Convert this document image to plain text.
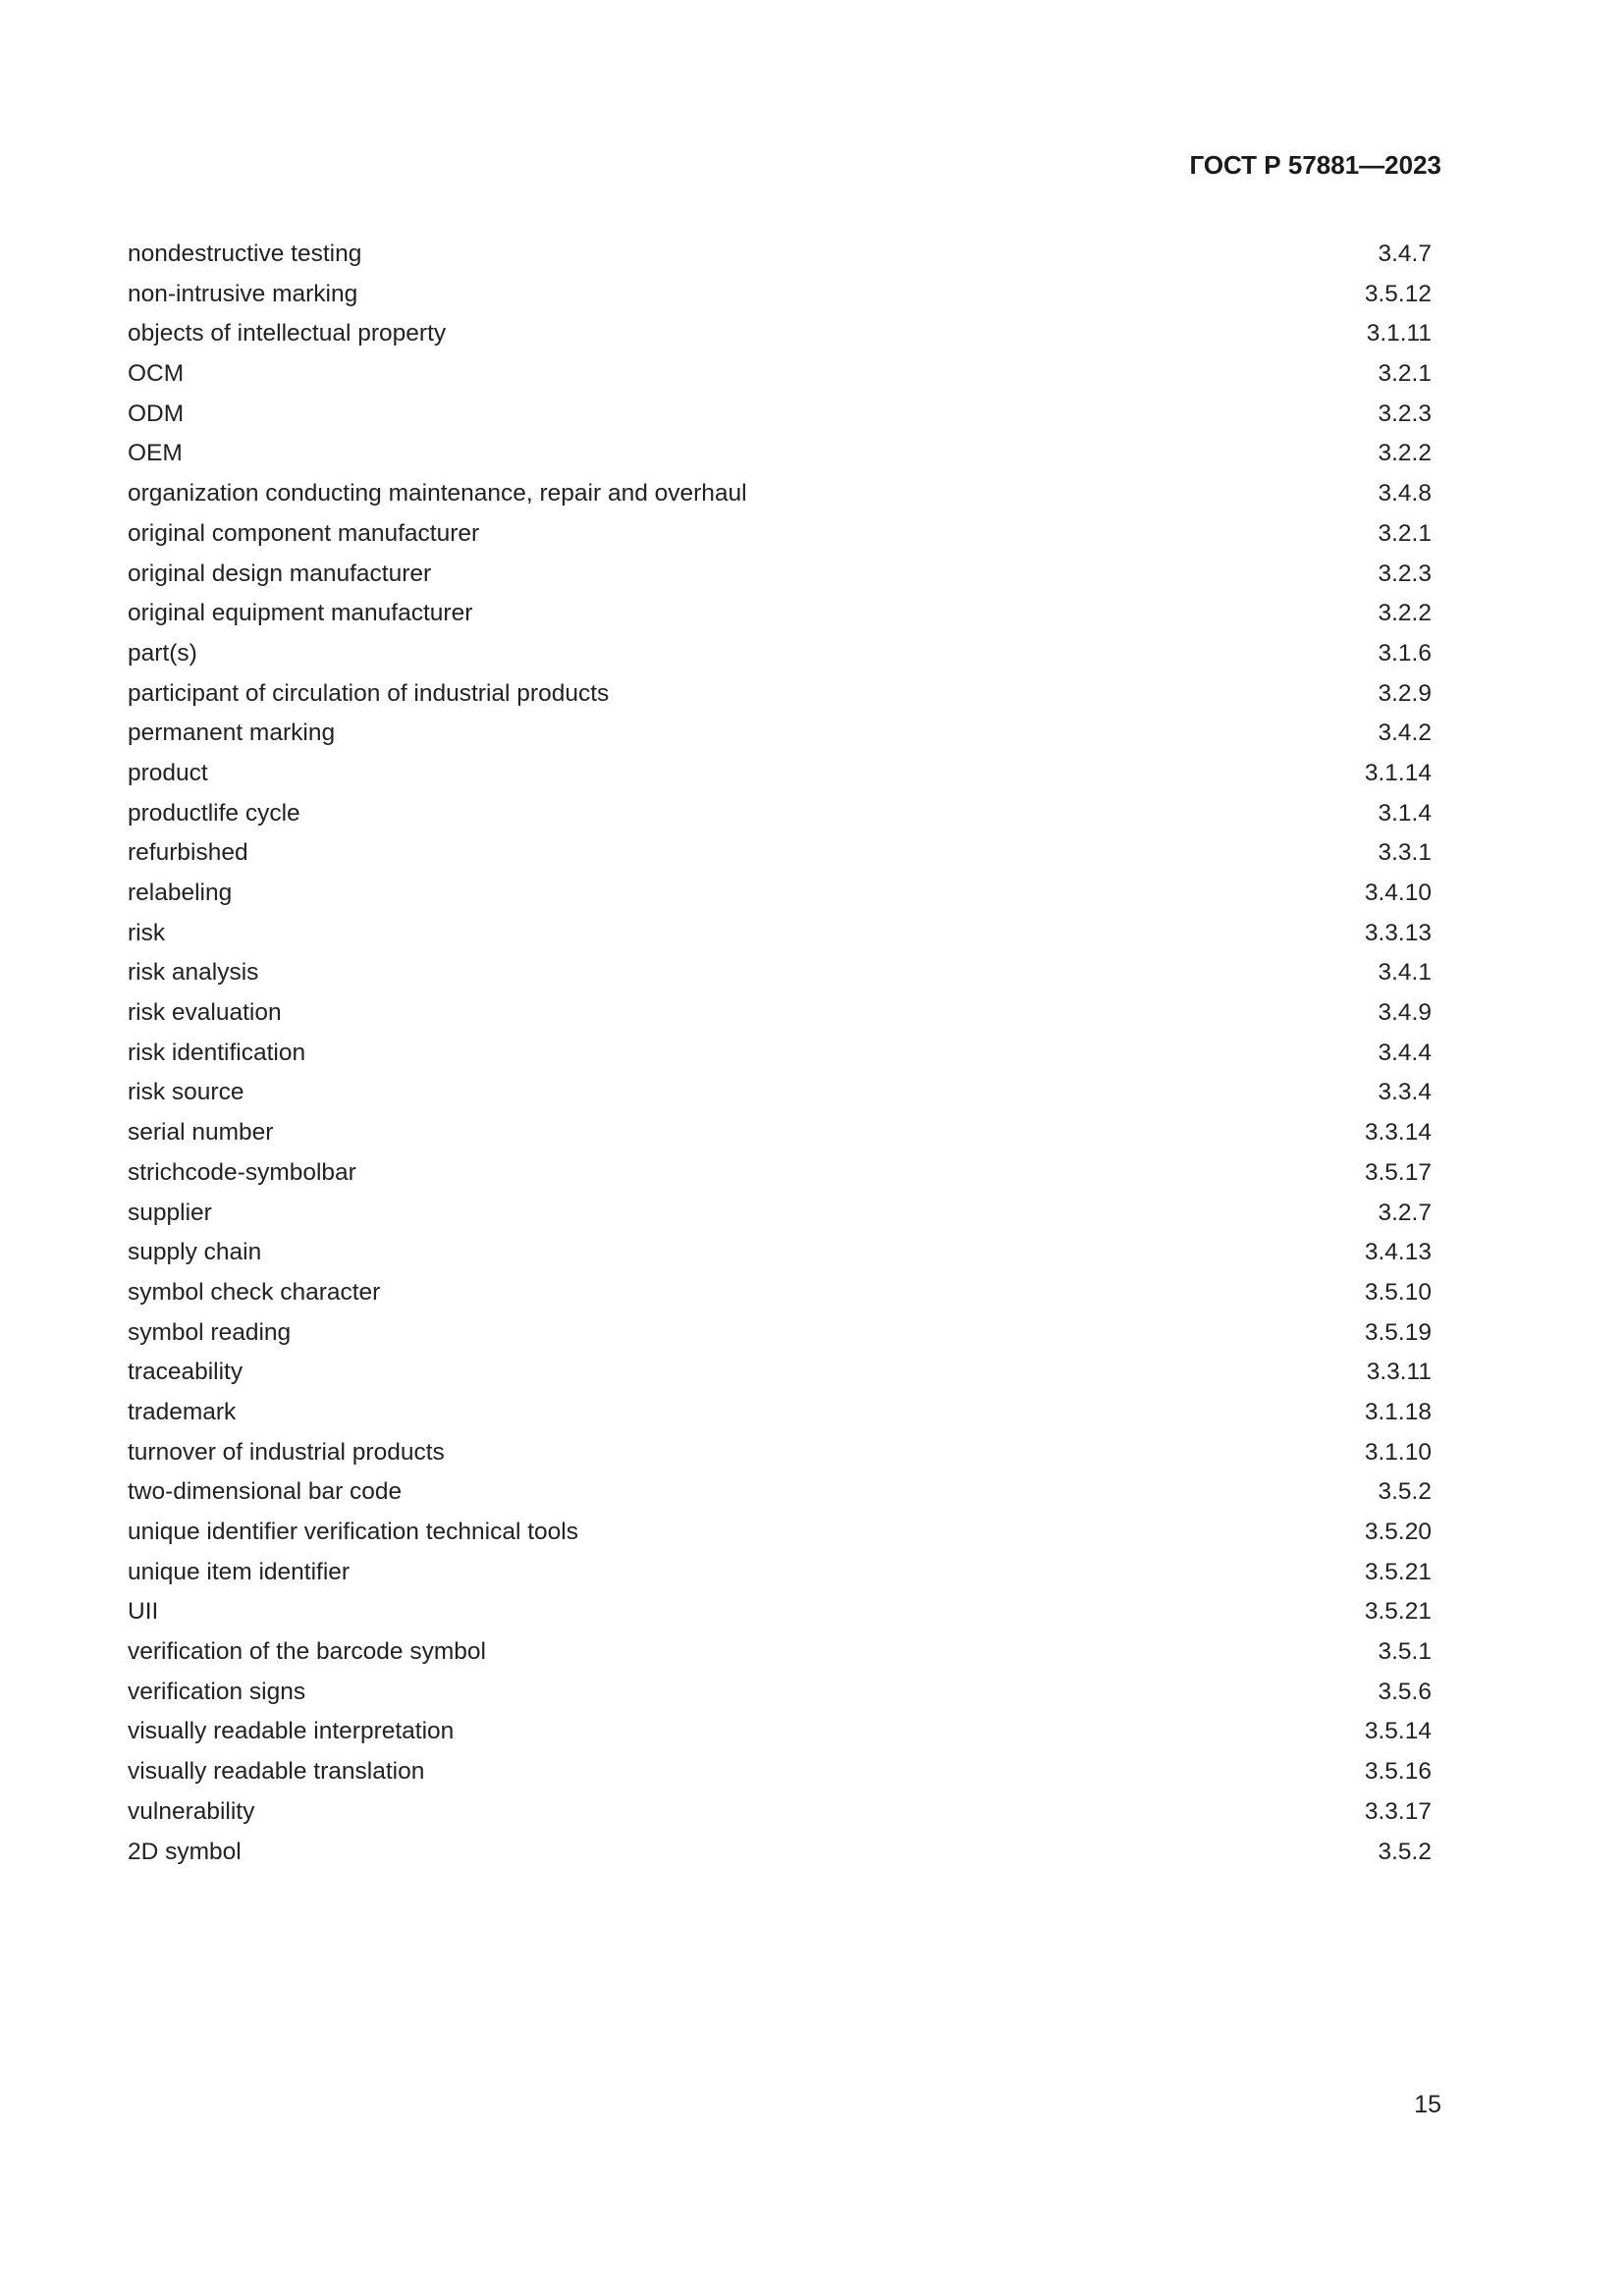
ГОСТ Р 57881—2023
nondestructive testing	3.4.7
non-intrusive marking	3.5.12
objects of intellectual property	3.1.11
OCM	3.2.1
ODM	3.2.3
OEM	3.2.2
organization conducting maintenance, repair and overhaul	3.4.8
original component manufacturer	3.2.1
original design manufacturer	3.2.3
original equipment manufacturer	3.2.2
part(s)	3.1.6
participant of circulation of industrial products	3.2.9
permanent marking	3.4.2
product	3.1.14
productlife cycle	3.1.4
refurbished	3.3.1
relabeling	3.4.10
risk	3.3.13
risk analysis	3.4.1
risk evaluation	3.4.9
risk identification	3.4.4
risk source	3.3.4
serial number	3.3.14
strichcode-symbolbar	3.5.17
supplier	3.2.7
supply chain	3.4.13
symbol check character	3.5.10
symbol reading	3.5.19
traceability	3.3.11
trademark	3.1.18
turnover of industrial products	3.1.10
two-dimensional bar code	3.5.2
unique identifier verification technical tools	3.5.20
unique item identifier	3.5.21
UII	3.5.21
verification of the barcode symbol	3.5.1
verification signs	3.5.6
visually readable interpretation	3.5.14
visually readable translation	3.5.16
vulnerability	3.3.17
2D symbol	3.5.2
15
